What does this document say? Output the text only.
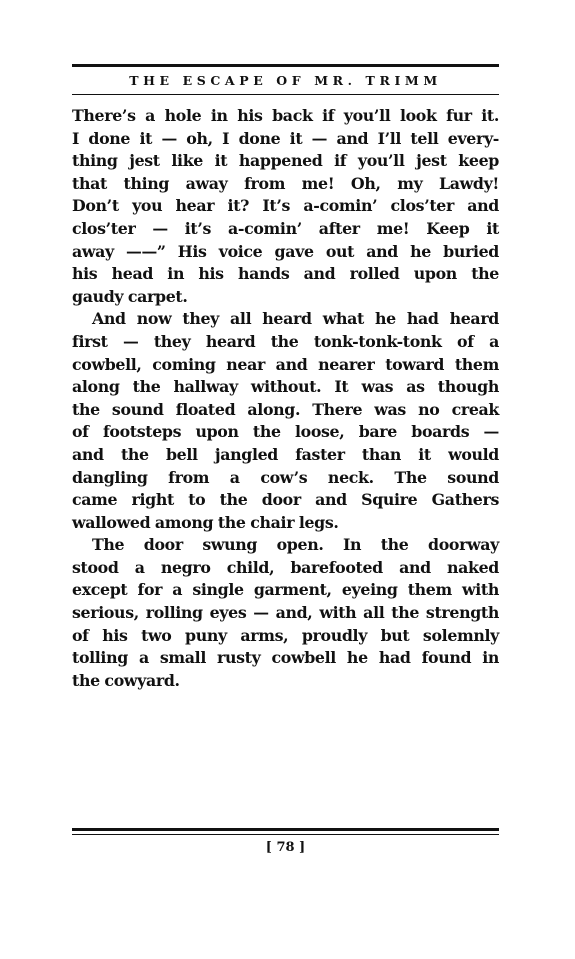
THE ESCAPE OF MR. TRIMM
There’s a hole in his back if you’ll look fur it.
I done it — oh, I done it — and I’ll tell every-
thing jest like it happened if you’ll jest keep
that thing away from me! Oh, my Lawdy!
Don’t you hear it? It’s a-comin’ clos’ter and
clos’ter — it’s a-comin’ after me! Keep it
away ——” His voice gave out and he buried
his head in his hands and rolled upon the
gaudy carpet.
And now they all heard what he had heard
first — they heard the tonk-tonk-tonk of a
cowbell, coming near and nearer toward them
along the hallway without. It was as though
the sound floated along. There was no creak
of footsteps upon the loose, bare boards —
and the bell jangled faster than it would
dangling from a cow’s neck. The sound
came right to the door and Squire Gathers
wallowed among the chair legs.
The door swung open. In the doorway
stood a negro child, barefooted and naked
except for a single garment, eyeing them with
serious, rolling eyes — and, with all the strength
of his two puny arms, proudly but solemnly
tolling a small rusty cowbell he had found in
the cowyard.
[ 78 ]
